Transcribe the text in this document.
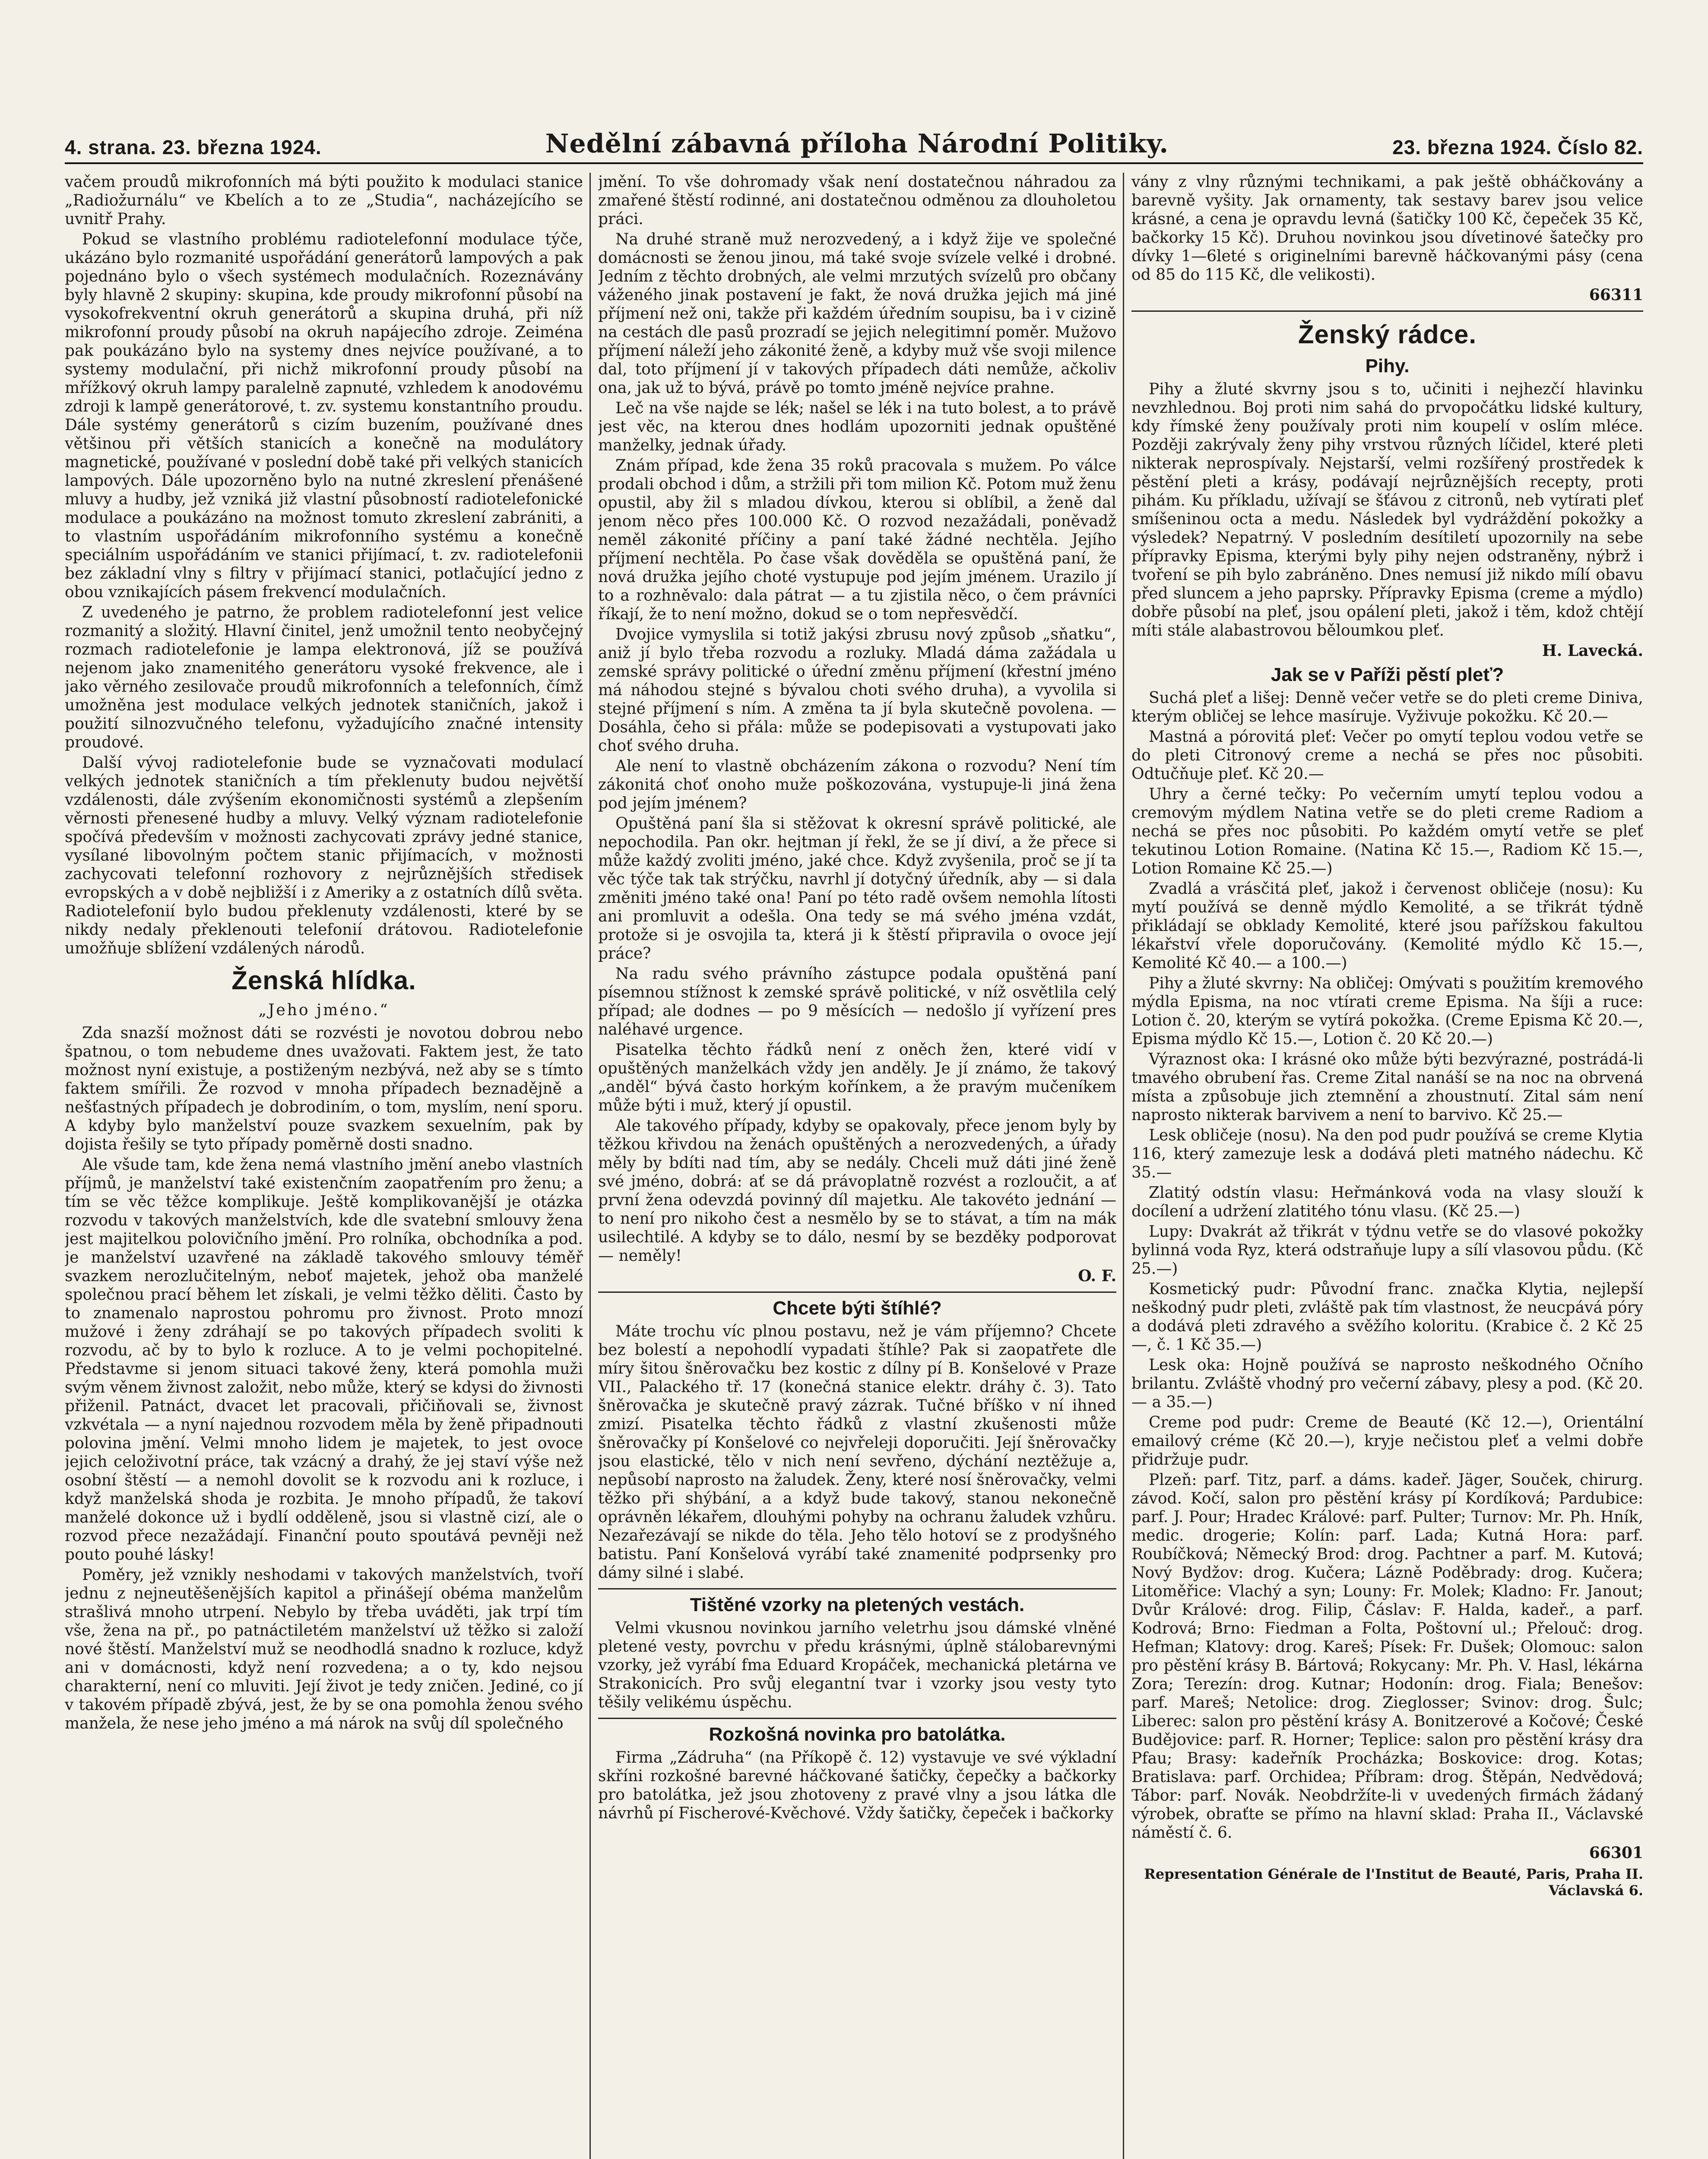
4. strana. 23. března 1924.	Nedělní zábavná příloha Národní Politiky.	23. března 1924. Číslo 82.

vačem proudů mikrofonních má býti použito k modulaci stanice „Radiožurnálu“ ve Kbelích a to ze „Studia“, nacházejícího se uvnitř Prahy.

Pokud se vlastního problému radiotelefonní modulace týče, ukázáno bylo rozmanité uspořádání generátorů lampových a pak pojednáno bylo o všech systémech modulačních. Rozeznávány byly hlavně 2 skupiny: skupina, kde proudy mikrofonní působí na vysokofrekventní okruh generátorů a skupina druhá, při níž mikrofonní proudy působí na okruh napájecího zdroje. Zeiména pak poukázáno bylo na systemy dnes nejvíce používané, a to systemy modulační, při nichž mikrofonní proudy působí na mřížkový okruh lampy paralelně zapnuté, vzhledem k anodovému zdroji k lampě generátorové, t. zv. systemu konstantního proudu. Dále systémy generátorů s cizím buzením, používané dnes většinou při větších stanicích a konečně na modulátory magnetické, používané v poslední době také při velkých stanicích lampových. Dále upozorněno bylo na nutné zkreslení přenášené mluvy a hudby, jež vzniká již vlastní působností radiotelefonické modulace a poukázáno na možnost tomuto zkreslení zabrániti, a to vlastním uspořádáním mikrofonního systému a konečně speciálním uspořádáním ve stanici přijímací, t. zv. radiotelefonii bez základní vlny s filtry v přijímací stanici, potlačující jedno z obou vznikajících pásem frekvencí modulačních.

Z uvedeného je patrno, že problem radiotelefonní jest velice rozmanitý a složitý. Hlavní činitel, jenž umožnil tento neobyčejný rozmach radiotelefonie je lampa elektronová, jíž se používá nejenom jako znamenitého generátoru vysoké frekvence, ale i jako věrného zesilovače proudů mikrofonních a telefonních, čímž umožněna jest modulace velkých jednotek staničních, jakož i použití silnozvučného telefonu, vyžadujícího značné intensity proudové.

Další vývoj radiotelefonie bude se vyznačovati modulací velkých jednotek staničních a tím překlenuty budou největší vzdálenosti, dále zvýšením ekonomičnosti systémů a zlepšením věrnosti přenesené hudby a mluvy. Velký význam radiotelefonie spočívá především v možnosti zachycovati zprávy jedné stanice, vysílané libovolným počtem stanic přijímacích, v možnosti zachycovati telefonní rozhovory z nejrůznějších středisek evropských a v době nejbližší i z Ameriky a z ostatních dílů světa. Radiotelefonií bylo budou překlenuty vzdálenosti, které by se nikdy nedaly překlenouti telefonií drátovou. Radiotelefonie umožňuje sblížení vzdálených národů.

Ženská hlídka.

„Jeho jméno.“

Zda snazší možnost dáti se rozvésti je novotou dobrou nebo špatnou, o tom nebudeme dnes uvažovati. Faktem jest, že tato možnost nyní existuje, a postiženým nezbývá, než aby se s tímto faktem smířili. Že rozvod v mnoha případech beznadějně a nešťastných případech je dobrodiním, o tom, myslím, není sporu. A kdyby bylo manželství pouze svazkem sexuelním, pak by dojista řešily se tyto případy poměrně dosti snadno.

Ale všude tam, kde žena nemá vlastního jmění anebo vlastních příjmů, je manželství také existenčním zaopatřením pro ženu; a tím se věc těžce komplikuje. Ještě komplikovanější je otázka rozvodu v takových manželstvích, kde dle svatební smlouvy žena jest majitelkou polovičního jmění. Pro rolníka, obchodníka a pod. je manželství uzavřené na základě takového smlouvy téměř svazkem nerozlučitelným, neboť majetek, jehož oba manželé společnou prací během let získali, je velmi těžko děliti. Často by to znamenalo naprostou pohromu pro živnost. Proto mnozí mužové i ženy zdráhají se po takových případech svoliti k rozvodu, ač by to bylo k rozluce. A to je velmi pochopitelné. Představme si jenom situaci takové ženy, která pomohla muži svým věnem živnost založit, nebo může, který se kdysi do živnosti přiženil. Patnáct, dvacet let pracovali, přičiňovali se, živnost vzkvétala — a nyní najednou rozvodem měla by ženě připadnouti polovina jmění. Velmi mnoho lidem je majetek, to jest ovoce jejich celoživotní práce, tak vzácný a drahý, že jej staví výše než osobní štěstí — a nemohl dovolit se k rozvodu ani k rozluce, i když manželská shoda je rozbita. Je mnoho případů, že takoví manželé dokonce už i bydlí odděleně, jsou si vlastně cizí, ale o rozvod přece nezažádají. Finanční pouto spoutává pevněji než pouto pouhé lásky!

Poměry, jež vznikly neshodami v takových manželstvích, tvoří jednu z nejneutěšenějších kapitol a přinášejí obéma manželům strašlivá mnoho utrpení. Nebylo by třeba uváděti, jak trpí tím vše, žena na př., po patnáctiletém manželství už těžko si založí nové štěstí. Manželství muž se neodhodlá snadno k rozluce, když ani v domácnosti, když není rozvedena; a o ty, kdo nejsou charakterní, není co mluviti. Její život je tedy zničen. Jediné, co jí v takovém případě zbývá, jest, že by se ona pomohla ženou svého manžela, že nese jeho jméno a má nárok na svůj díl společného

jmění. To vše dohromady však není dostatečnou náhradou za zmařené štěstí rodinné, ani dostatečnou odměnou za dlouholetou práci.

Na druhé straně muž nerozvedený, a i když žije ve společné domácnosti se ženou jinou, má také svoje svízele velké i drobné. Jedním z těchto drobných, ale velmi mrzutých svízelů pro občany váženého jinak postavení je fakt, že nová družka jejich má jiné příjmení než oni, takže při každém úředním soupisu, ba i v cizině na cestách dle pasů prozradí se jejich nelegitimní poměr. Mužovo příjmení náleží jeho zákonité ženě, a kdyby muž vše svoji milence dal, toto příjmení jí v takových případech dáti nemůže, ačkoliv ona, jak už to bývá, právě po tomto jméně nejvíce prahne.

Leč na vše najde se lék; našel se lék i na tuto bolest, a to právě jest věc, na kterou dnes hodlám upozorniti jednak opuštěné manželky, jednak úřady.

Znám případ, kde žena 35 roků pracovala s mužem. Po válce prodali obchod i dům, a stržili při tom milion Kč. Potom muž ženu opustil, aby žil s mladou dívkou, kterou si oblíbil, a ženě dal jenom něco přes 100.000 Kč. O rozvod nezažádali, poněvadž neměl zákonité příčiny a paní také žádné nechtěla. Jejího příjmení nechtěla. Po čase však dověděla se opuštěná paní, že nová družka jejího choté vystupuje pod jejím jménem. Urazilo jí to a rozhněvalo: dala pátrat — a tu zjistila něco, o čem právníci říkají, že to není možno, dokud se o tom nepřesvědčí.

Dvojice vymyslila si totiž jakýsi zbrusu nový způsob „sňatku“, aniž jí bylo třeba rozvodu a rozluky. Mladá dáma zažádala u zemské správy politické o úřední změnu příjmení (křestní jméno má náhodou stejné s bývalou choti svého druha), a vyvolila si stejné příjmení s ním. A změna ta jí byla skutečně povolena. — Dosáhla, čeho si přála: může se podepisovati a vystupovati jako choť svého druha.

Ale není to vlastně obcházením zákona o rozvodu? Není tím zákonitá choť onoho muže poškozována, vystupuje-li jiná žena pod jejím jménem?

Opuštěná paní šla si stěžovat k okresní správě politické, ale nepochodila. Pan okr. hejtman jí řekl, že se jí diví, a že přece si může každý zvoliti jméno, jaké chce. Když zvyšenila, proč se jí ta věc týče tak tak strýčku, navrhl jí dotyčný úředník, aby — si dala změniti jméno také ona! Paní po této radě ovšem nemohla lítosti ani promluvit a odešla. Ona tedy se má svého jména vzdát, protože si je osvojila ta, která ji k štěstí připravila o ovoce její práce?

Na radu svého právního zástupce podala opuštěná paní písemnou stížnost k zemské správě politické, v níž osvětlila celý případ; ale dodnes — po 9 měsících — nedošlo jí vyřízení pres naléhavé urgence.

Pisatelka těchto řádků není z oněch žen, které vidí v opuštěných manželkách vždy jen anděly. Je jí známo, že takový „anděl“ bývá často horkým kořínkem, a že pravým mučeníkem může býti i muž, který jí opustil.

Ale takového případy, kdyby se opakovaly, přece jenom byly by těžkou křivdou na ženách opuštěných a nerozvedených, a úřady měly by bdíti nad tím, aby se nedály. Chceli muž dáti jiné ženě své jméno, dobrá: ať se dá právoplatně rozvést a rozloučit, a ať první žena odevzdá povinný díl majetku. Ale takovéto jednání — to není pro nikoho čest a nesmělo by se to stávat, a tím na mák usilechtilé. A kdyby se to dálo, nesmí by se bezděky podporovat — neměly!

O. F.

Chcete býti štíhlé?

Máte trochu víc plnou postavu, než je vám příjemno? Chcete bez bolestí a nepohodlí vypadati štíhle? Pak si zaopatřete dle míry šitou šněrovačku bez kostic z dílny pí B. Konšelové v Praze VII., Palackého tř. 17 (konečná stanice elektr. dráhy č. 3). Tato šněrovačka je skutečně pravý zázrak. Tučné bříško v ní ihned zmizí. Pisatelka těchto řádků z vlastní zkušenosti může šněrovačky pí Konšelové co nejvřeleji doporučiti. Její šněrovačky jsou elastické, tělo v nich není sevřeno, dýchání neztěžuje a, nepůsobí naprosto na žaludek. Ženy, které nosí šněrovačky, velmi těžko při shýbání, a a když bude takový, stanou nekonečně oprávněn lékařem, dlouhými pohyby na ochranu žaludek vzhůru. Nezařezávají se nikde do těla. Jeho tělo hotoví se z prodyšného batistu. Paní Konšelová vyrábí také znamenité podprsenky pro dámy silné i slabé.

Tištěné vzorky na pletených vestách.

Velmi vkusnou novinkou jarního veletrhu jsou dámské vlněné pletené vesty, povrchu v předu krásnými, úplně stálobarevnými vzorky, jež vyrábí fma Eduard Kropáček, mechanická pletárna ve Strakonicích. Pro svůj elegantní tvar i vzorky jsou vesty tyto těšily velikému úspěchu.

Rozkošná novinka pro batolátka.

Firma „Zádruha“ (na Příkopě č. 12) vystavuje ve své výkladní skříni rozkošné barevné háčkované šatičky, čepečky a bačkorky pro batolátka, jež jsou zhotoveny z pravé vlny a jsou látka dle návrhů pí Fischerové-Kvěchové. Vždy šatičky, čepeček i bačkorky

vány z vlny různými technikami, a pak ještě obháčkovány a barevně vyšity. Jak ornamenty, tak sestavy barev jsou velice krásné, a cena je opravdu levná (šatičky 100 Kč, čepeček 35 Kč, bačkorky 15 Kč). Druhou novinkou jsou dívetinové šatečky pro dívky 1—6leté s originelními barevně háčkovanými pásy (cena od 85 do 115 Kč, dle velikosti).

66311

Ženský rádce.
Pihy.

Pihy a žluté skvrny jsou s to, učiniti i nejhezčí hlavinku nevzhlednou. Boj proti nim sahá do prvopočátku lidské kultury, kdy římské ženy používaly proti nim koupelí v oslím mléce. Později zakrývaly ženy pihy vrstvou různých líčidel, které pleti nikterak neprospívaly. Nejstarší, velmi rozšířený prostředek k pěstění pleti a krásy, podávají nejrůznějších recepty, proti pihám. Ku příkladu, užívají se šťávou z citronů, neb vytírati pleť smíšeninou octa a medu. Následek byl vydráždění pokožky a výsledek? Nepatrný. V posledním desítiletí upozornily na sebe přípravky Episma, kterými byly pihy nejen odstraněny, nýbrž i tvoření se pih bylo zabráněno. Dnes nemusí již nikdo mílí obavu před sluncem a jeho paprsky. Přípravky Episma (creme a mýdlo) dobře působí na pleť, jsou opálení pleti, jakož i těm, kdož chtějí míti stále alabastrovou běloumkou pleť.

H. Lavecká.

Jak se v Paříži pěstí pleť?

Suchá pleť a lišej: Denně večer vetře se do pleti creme Diniva, kterým obličej se lehce masíruje. Vyživuje pokožku. Kč 20.—

Mastná a pórovitá pleť: Večer po omytí teplou vodou vetře se do pleti Citronový creme a nechá se přes noc působiti. Odtučňuje pleť. Kč 20.—

Uhry a černé tečky: Po večerním umytí teplou vodou a cremovým mýdlem Natina vetře se do pleti creme Radiom a nechá se přes noc působiti. Po každém omytí vetře se pleť tekutinou Lotion Romaine. (Natina Kč 15.—, Radiom Kč 15.—, Lotion Romaine Kč 25.—)

Zvadlá a vrásčitá pleť, jakož i červenost obličeje (nosu): Ku mytí používá se denně mýdlo Kemolité, a se třikrát týdně přikládají se obklady Kemolité, které jsou pařížskou fakultou lékařství vřele doporučovány. (Kemolité mýdlo Kč 15.—, Kemolité Kč 40.— a 100.—)

Pihy a žluté skvrny: Na obličej: Omývati s použitím kremového mýdla Episma, na noc vtírati creme Episma. Na šíji a ruce: Lotion č. 20, kterým se vytírá pokožka. (Creme Episma Kč 20.—, Episma mýdlo Kč 15.—, Lotion č. 20 Kč 20.—)

Výraznost oka: I krásné oko může býti bezvýrazné, postrádá-li tmavého obrubení řas. Creme Zital nanáší se na noc na obrvená místa a způsobuje jich ztemnění a zhoustnutí. Zital sám není naprosto nikterak barvivem a není to barvivo. Kč 25.—

Lesk obličeje (nosu). Na den pod pudr používá se creme Klytia 116, který zamezuje lesk a dodává pleti matného nádechu. Kč 35.—

Zlatitý odstín vlasu: Heřmánková voda na vlasy slouží k docílení a udržení zlatitého tónu vlasu. (Kč 25.—)

Lupy: Dvakrát až třikrát v týdnu vetře se do vlasové pokožky bylinná voda Ryz, která odstraňuje lupy a sílí vlasovou půdu. (Kč 25.—)

Kosmetický pudr: Původní franc. značka Klytia, nejlepší neškodný pudr pleti, zvláště pak tím vlastnost, že neucpává póry a dodává pleti zdravého a svěžího koloritu. (Krabice č. 2 Kč 25 —, č. 1 Kč 35.—)

Lesk oka: Hojně používá se naprosto neškodného Očního brilantu. Zvláště vhodný pro večerní zábavy, plesy a pod. (Kč 20.— a 35.—)

Creme pod pudr: Creme de Beauté (Kč 12.—), Orientální emailový créme (Kč 20.—), kryje nečistou pleť a velmi dobře přidržuje pudr.

Plzeň: parf. Titz, parf. a dáms. kadeř. Jäger, Souček, chirurg. závod. Kočí, salon pro pěstění krásy pí Kordíková; Pardubice: parf. J. Pour; Hradec Králové: parf. Pulter; Turnov: Mr. Ph. Hník, medic. drogerie; Kolín: parf. Lada; Kutná Hora: parf. Roubíčková; Německý Brod: drog. Pachtner a parf. M. Kutová; Nový Bydžov: drog. Kučera; Lázně Poděbrady: drog. Kučera; Litoměřice: Vlachý a syn; Louny: Fr. Molek; Kladno: Fr. Janout; Dvůr Králové: drog. Filip, Čáslav: F. Halda, kadeř., a parf. Kodrová; Brno: Fiedman a Folta, Poštovní ul.; Přelouč: drog. Hefman; Klatovy: drog. Kareš; Písek: Fr. Dušek; Olomouc: salon pro pěstění krásy B. Bártová; Rokycany: Mr. Ph. V. Hasl, lékárna Zora; Terezín: drog. Kutnar; Hodonín: drog. Fiala; Benešov: parf. Mareš; Netolice: drog. Zieglosser; Svinov: drog. Šulc; Liberec: salon pro pěstění krásy A. Bonitzerové a Kočové; České Budějovice: parf. R. Horner; Teplice: salon pro pěstění krásy dra Pfau; Brasy: kadeřník Procházka; Boskovice: drog. Kotas; Bratislava: parf. Orchidea; Příbram: drog. Štěpán, Nedvědová; Tábor: parf. Novák. Neobdržíte-li v uvedených firmách žádaný výrobek, obraťte se přímo na hlavní sklad: Praha II., Václavské náměstí č. 6.

66301

Representation Générale de l'Institut de Beauté, Paris, Praha II. Václavská 6.
